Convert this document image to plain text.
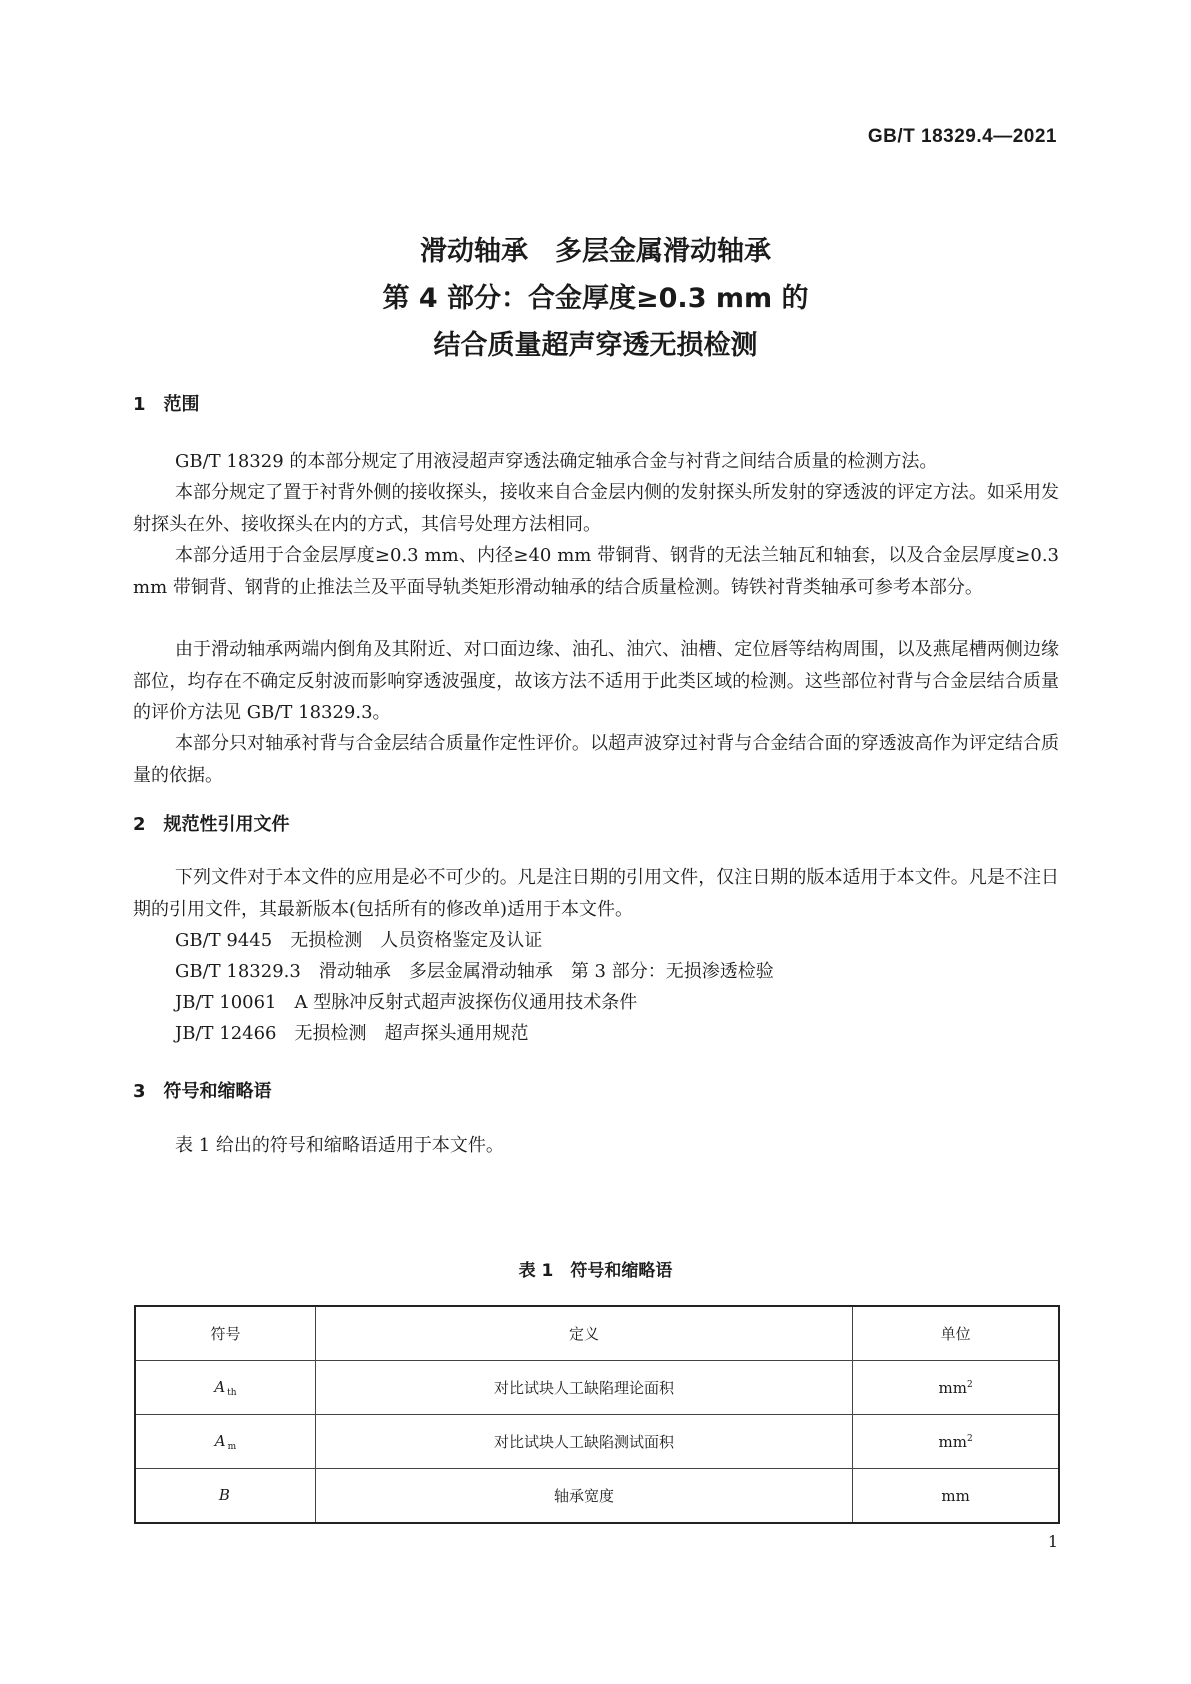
GB/T 18329.4—2021
滑动轴承　多层金属滑动轴承
第 4 部分：合金厚度≥0.3 mm 的
结合质量超声穿透无损检测
1　范围
GB/T 18329 的本部分规定了用液浸超声穿透法确定轴承合金与衬背之间结合质量的检测方法。
本部分规定了置于衬背外侧的接收探头，接收来自合金层内侧的发射探头所发射的穿透波的评定方法。如采用发射探头在外、接收探头在内的方式，其信号处理方法相同。
本部分适用于合金层厚度≥0.3 mm、内径≥40 mm 带铜背、钢背的无法兰轴瓦和轴套，以及合金层厚度≥0.3 mm 带铜背、钢背的止推法兰及平面导轨类矩形滑动轴承的结合质量检测。铸铁衬背类轴承可参考本部分。
由于滑动轴承两端内倒角及其附近、对口面边缘、油孔、油穴、油槽、定位唇等结构周围，以及燕尾槽两侧边缘部位，均存在不确定反射波而影响穿透波强度，故该方法不适用于此类区域的检测。这些部位衬背与合金层结合质量的评价方法见 GB/T 18329.3。
本部分只对轴承衬背与合金层结合质量作定性评价。以超声波穿过衬背与合金结合面的穿透波高作为评定结合质量的依据。
2　规范性引用文件
下列文件对于本文件的应用是必不可少的。凡是注日期的引用文件，仅注日期的版本适用于本文件。凡是不注日期的引用文件，其最新版本(包括所有的修改单)适用于本文件。
GB/T 9445　无损检测　人员资格鉴定及认证
GB/T 18329.3　滑动轴承　多层金属滑动轴承　第 3 部分：无损渗透检验
JB/T 10061　A 型脉冲反射式超声波探伤仪通用技术条件
JB/T 12466　无损检测　超声探头通用规范
3　符号和缩略语
表 1 给出的符号和缩略语适用于本文件。
表 1　符号和缩略语
符号	定义	单位
A $_{th}$	对比试块人工缺陷理论面积	$mm^2$
A $_m$	对比试块人工缺陷测试面积	$mm^2$
B	轴承宽度	mm
1
